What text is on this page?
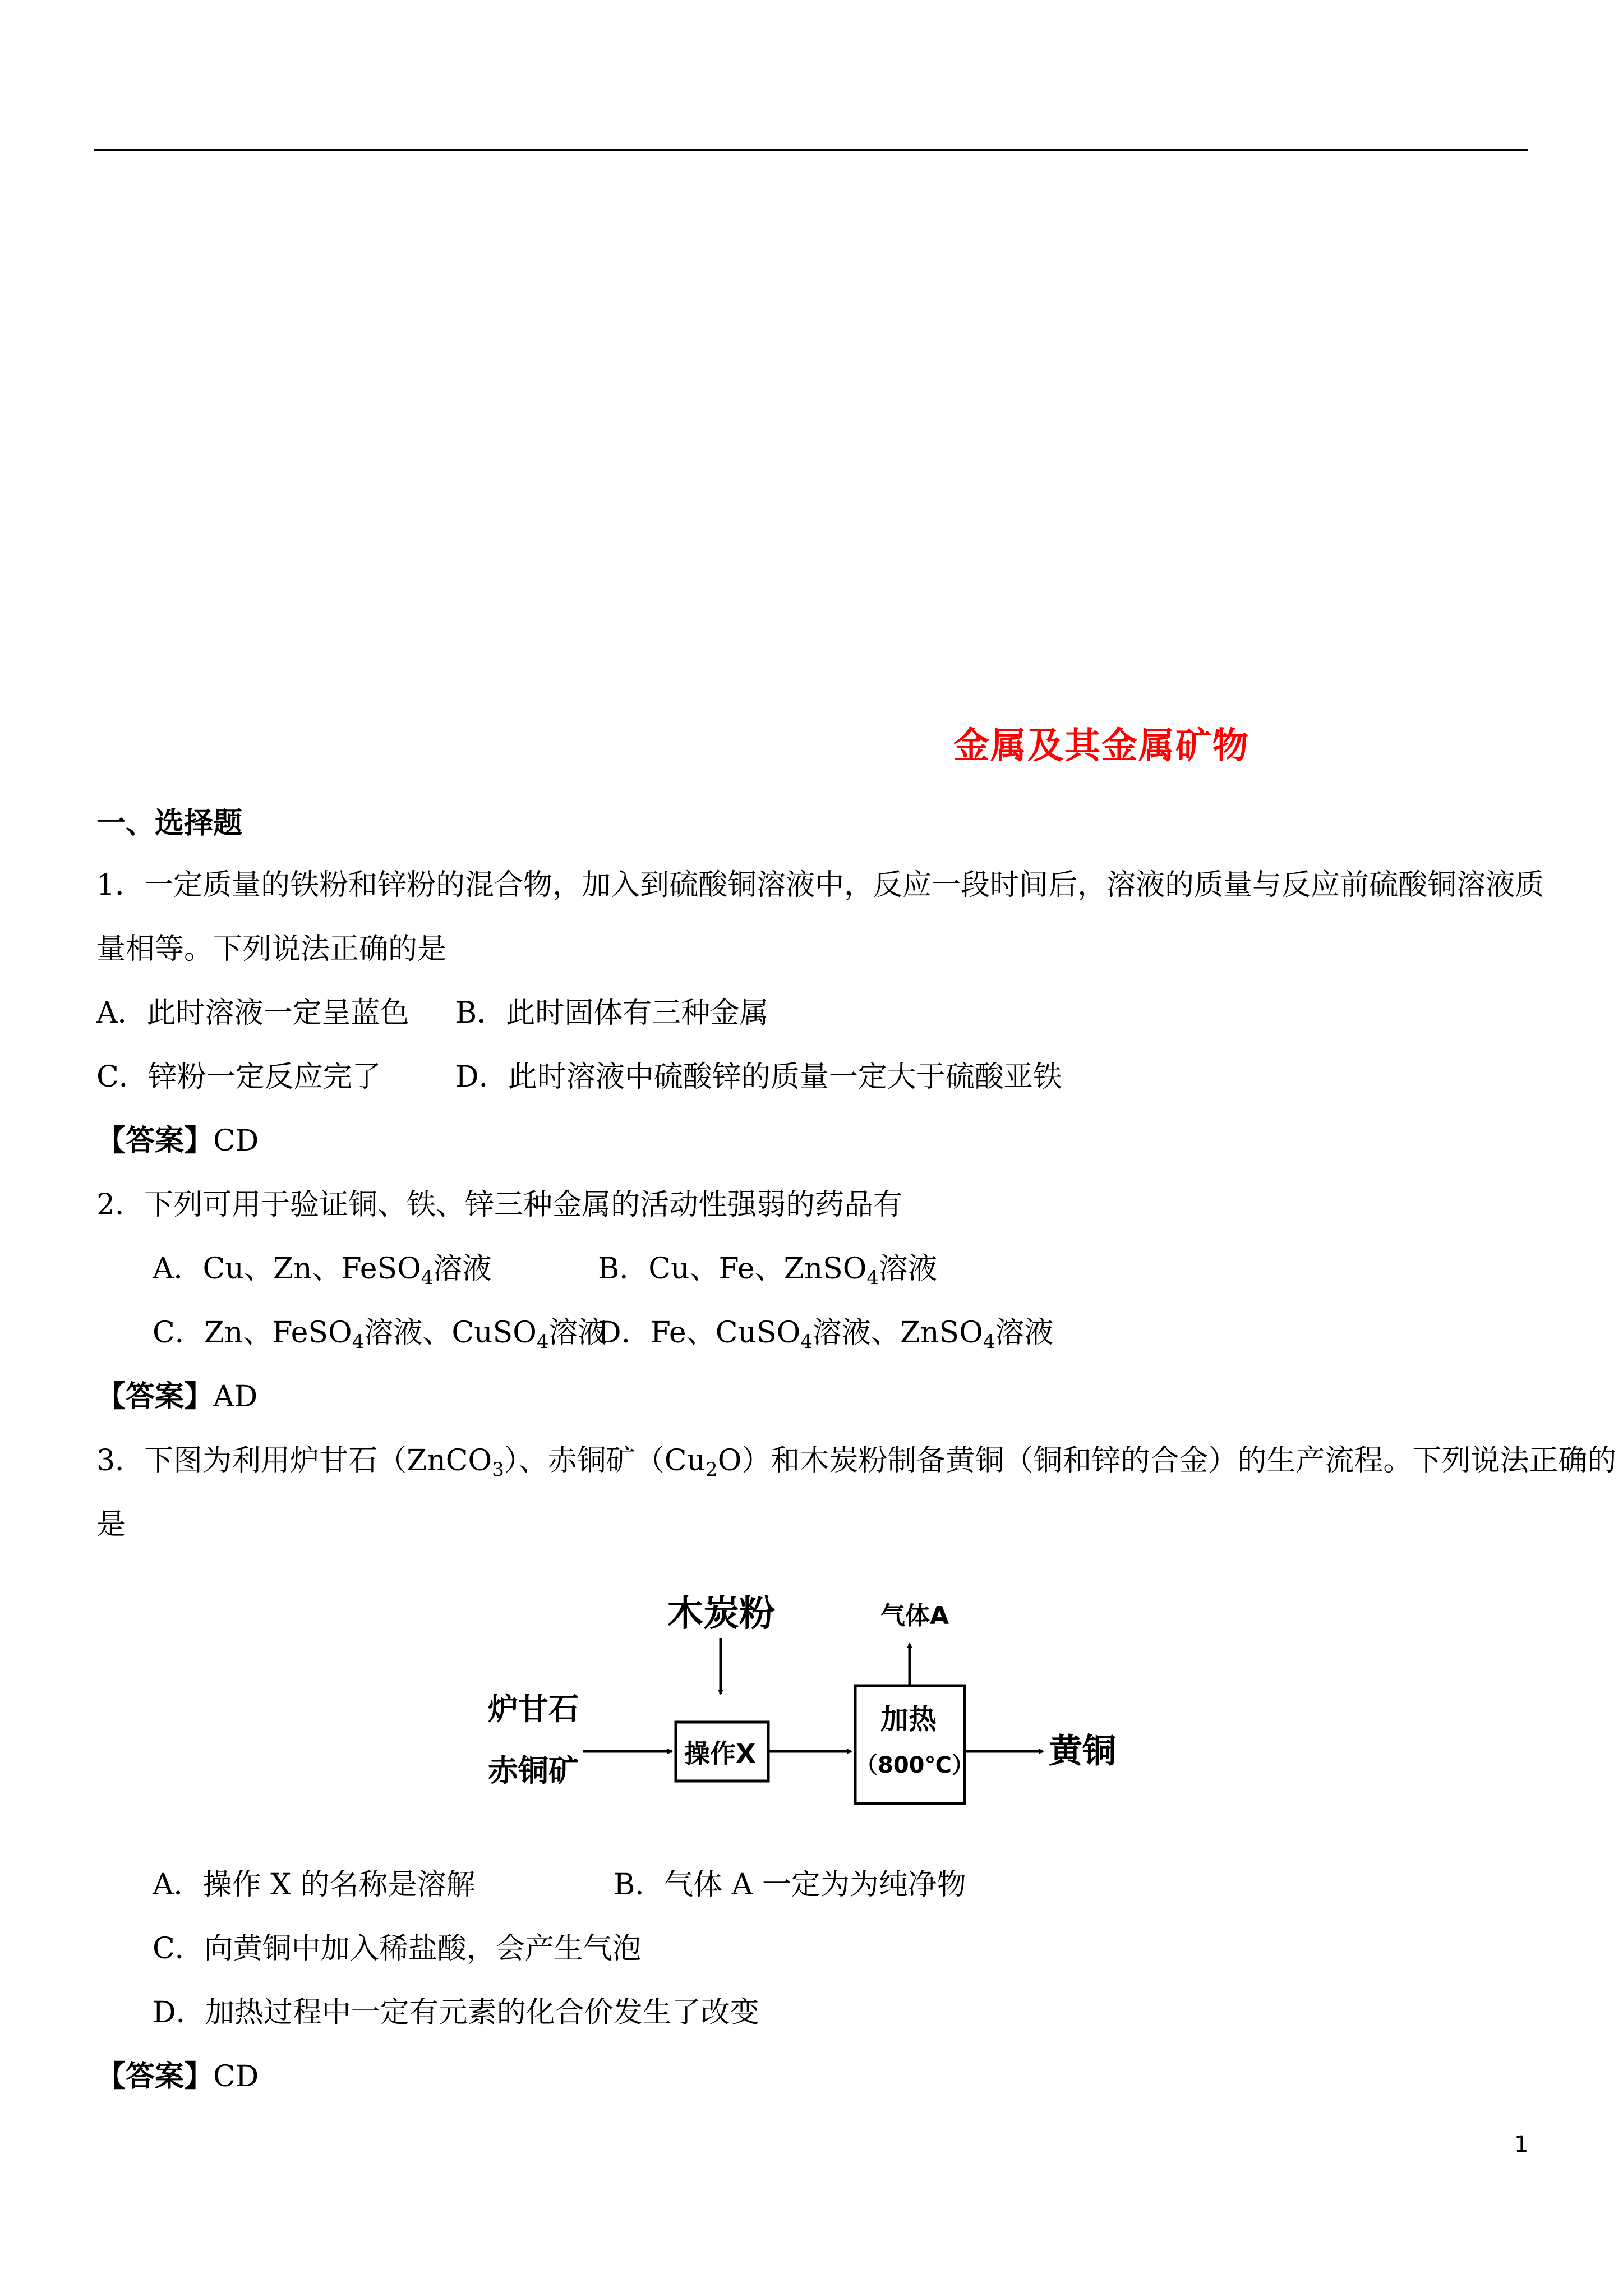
金属及其金属矿物
一、选择题
1．一定质量的铁粉和锌粉的混合物，加入到硫酸铜溶液中，反应一段时间后，溶液的质量与反应前硫酸铜溶液质
量相等。下列说法正确的是
A．此时溶液一定呈蓝色 B．此时固体有三种金属
C．锌粉一定反应完了	D．此时溶液中硫酸锌的质量一定大于硫酸亚铁
【答案】CD
2．下列可用于验证铜、铁、锌三种金属的活动性强弱的药品有
A．Cu、Zn、FeSO$_4$溶液	B．Cu、Fe、ZnSO$_4$溶液
C．Zn、FeSO$_4$溶液、CuSO$_4$溶液
D．Fe、CuSO$_4$溶液、ZnSO$_4$溶液
【答案】AD
3．下图为利用炉甘石（ZnCO$_3$）、赤铜矿$(Cu_2O)$和木炭粉制备黄铜（铜和锌的合金）的生产流程。下列说法正确的
是
木炭粉
炉甘石
赤铜矿	操作X
加热
（800℃）
气体A
黄铜
A．操作 X 的名称是溶解	B．气体 A 一定为为纯净物
C．向黄铜中加入稀盐酸，会产生气泡
D．加热过程中一定有元素的化合价发生了改变
【答案】CD
1
